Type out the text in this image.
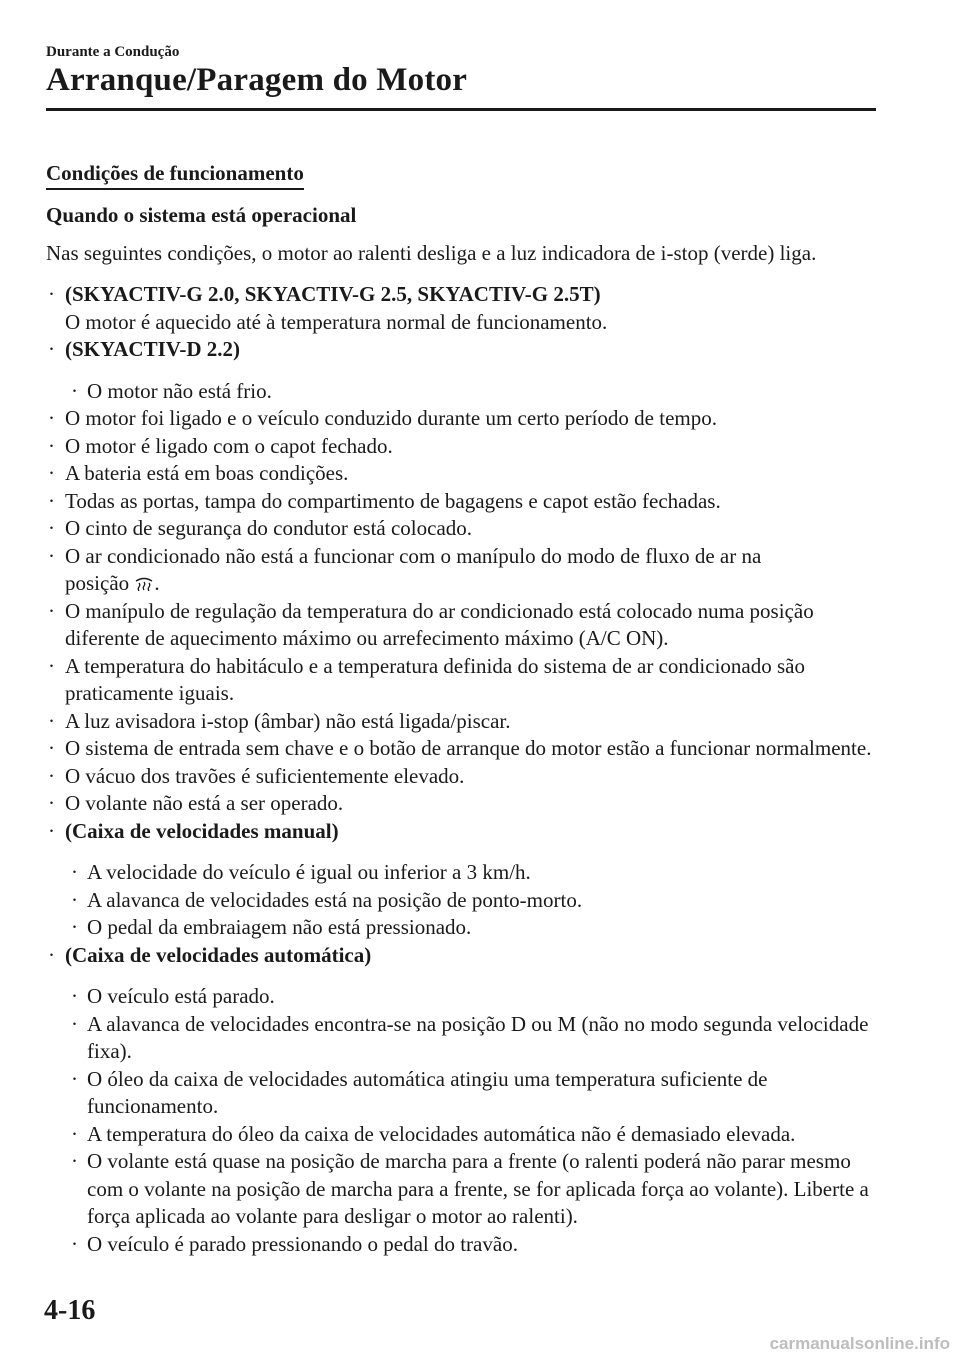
Durante a Condução
Arranque/Paragem do Motor
Condições de funcionamento
Quando o sistema está operacional
Nas seguintes condições, o motor ao ralenti desliga e a luz indicadora de i-stop (verde) liga.
· (SKYACTIV-G 2.0, SKYACTIV-G 2.5, SKYACTIV-G 2.5T)
O motor é aquecido até à temperatura normal de funcionamento.
· (SKYACTIV-D 2.2)
· O motor não está frio.
· O motor foi ligado e o veículo conduzido durante um certo período de tempo.
· O motor é ligado com o capot fechado.
· A bateria está em boas condições.
· Todas as portas, tampa do compartimento de bagagens e capot estão fechadas.
· O cinto de segurança do condutor está colocado.
· O ar condicionado não está a funcionar com o manípulo do modo de fluxo de ar na
posição .
· O manípulo de regulação da temperatura do ar condicionado está colocado numa posição diferente de aquecimento máximo ou arrefecimento máximo (A/C ON).
· A temperatura do habitáculo e a temperatura definida do sistema de ar condicionado são praticamente iguais.
· A luz avisadora i-stop (âmbar) não está ligada/piscar.
· O sistema de entrada sem chave e o botão de arranque do motor estão a funcionar normalmente.
· O vácuo dos travões é suficientemente elevado.
· O volante não está a ser operado.
· (Caixa de velocidades manual)
· A velocidade do veículo é igual ou inferior a 3 km/h.
· A alavanca de velocidades está na posição de ponto-morto.
· O pedal da embraiagem não está pressionado.
· (Caixa de velocidades automática)
· O veículo está parado.
· A alavanca de velocidades encontra-se na posição D ou M (não no modo segunda velocidade fixa).
· O óleo da caixa de velocidades automática atingiu uma temperatura suficiente de funcionamento.
· A temperatura do óleo da caixa de velocidades automática não é demasiado elevada.
· O volante está quase na posição de marcha para a frente (o ralenti poderá não parar mesmo com o volante na posição de marcha para a frente, se for aplicada força ao volante). Liberte a força aplicada ao volante para desligar o motor ao ralenti).
· O veículo é parado pressionando o pedal do travão.
4-16
carmanualsonline.info
